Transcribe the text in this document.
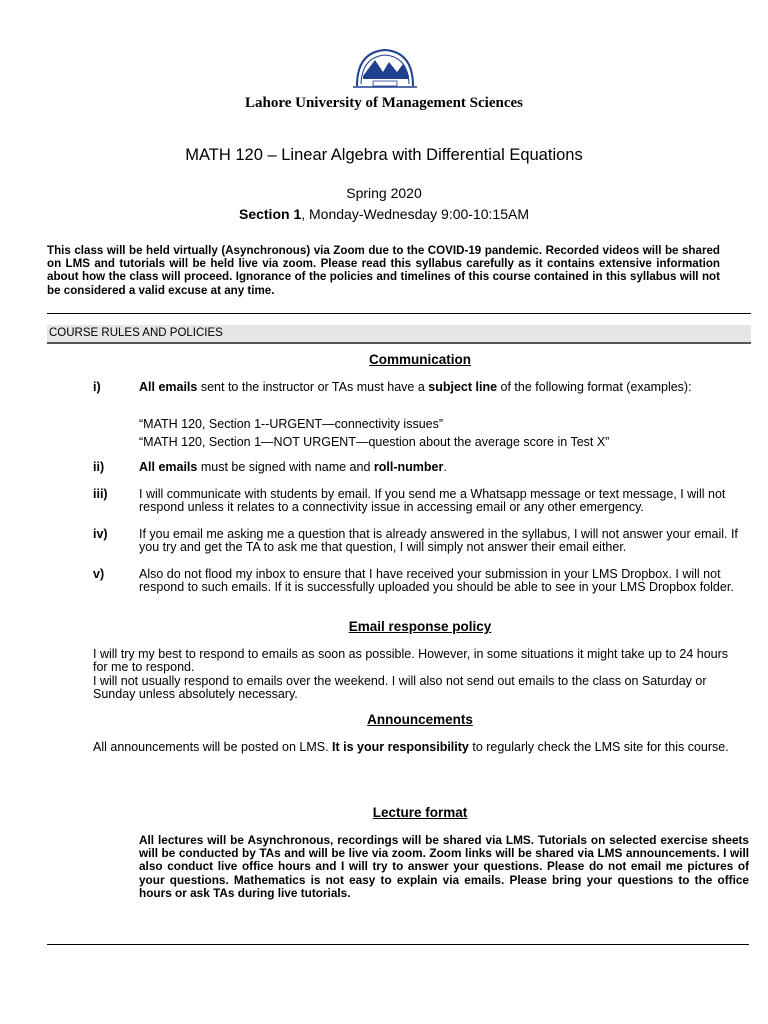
Lahore University of Management Sciences
MATH 120 – Linear Algebra with Differential Equations
Spring 2020
Section 1, Monday-Wednesday 9:00-10:15AM
This class will be held virtually (Asynchronous) via Zoom due to the COVID-19 pandemic. Recorded videos will be shared on LMS and tutorials will be held live via zoom. Please read this syllabus carefully as it contains extensive information about how the class will proceed. Ignorance of the policies and timelines of this course contained in this syllabus will not be considered a valid excuse at any time.
COURSE RULES AND POLICIES
Communication
i)	All emails sent to the instructor or TAs must have a subject line of the following format (examples):
“MATH 120, Section 1--URGENT—connectivity issues”
“MATH 120, Section 1—NOT URGENT—question about the average score in Test X”
ii)	All emails must be signed with name and roll-number.
iii)	I will communicate with students by email. If you send me a Whatsapp message or text message, I will not respond unless it relates to a connectivity issue in accessing email or any other emergency.
iv)	If you email me asking me a question that is already answered in the syllabus, I will not answer your email. If you try and get the TA to ask me that question, I will simply not answer their email either.
v)	Also do not flood my inbox to ensure that I have received your submission in your LMS Dropbox. I will not respond to such emails. If it is successfully uploaded you should be able to see in your LMS Dropbox folder.
Email response policy
I will try my best to respond to emails as soon as possible. However, in some situations it might take up to 24 hours for me to respond.
I will not usually respond to emails over the weekend. I will also not send out emails to the class on Saturday or Sunday unless absolutely necessary.
Announcements
All announcements will be posted on LMS. It is your responsibility to regularly check the LMS site for this course.
Lecture format
All lectures will be Asynchronous, recordings will be shared via LMS. Tutorials on selected exercise sheets will be conducted by TAs and will be live via zoom. Zoom links will be shared via LMS announcements. I will also conduct live office hours and I will try to answer your questions. Please do not email me pictures of your questions. Mathematics is not easy to explain via emails. Please bring your questions to the office hours or ask TAs during live tutorials.
